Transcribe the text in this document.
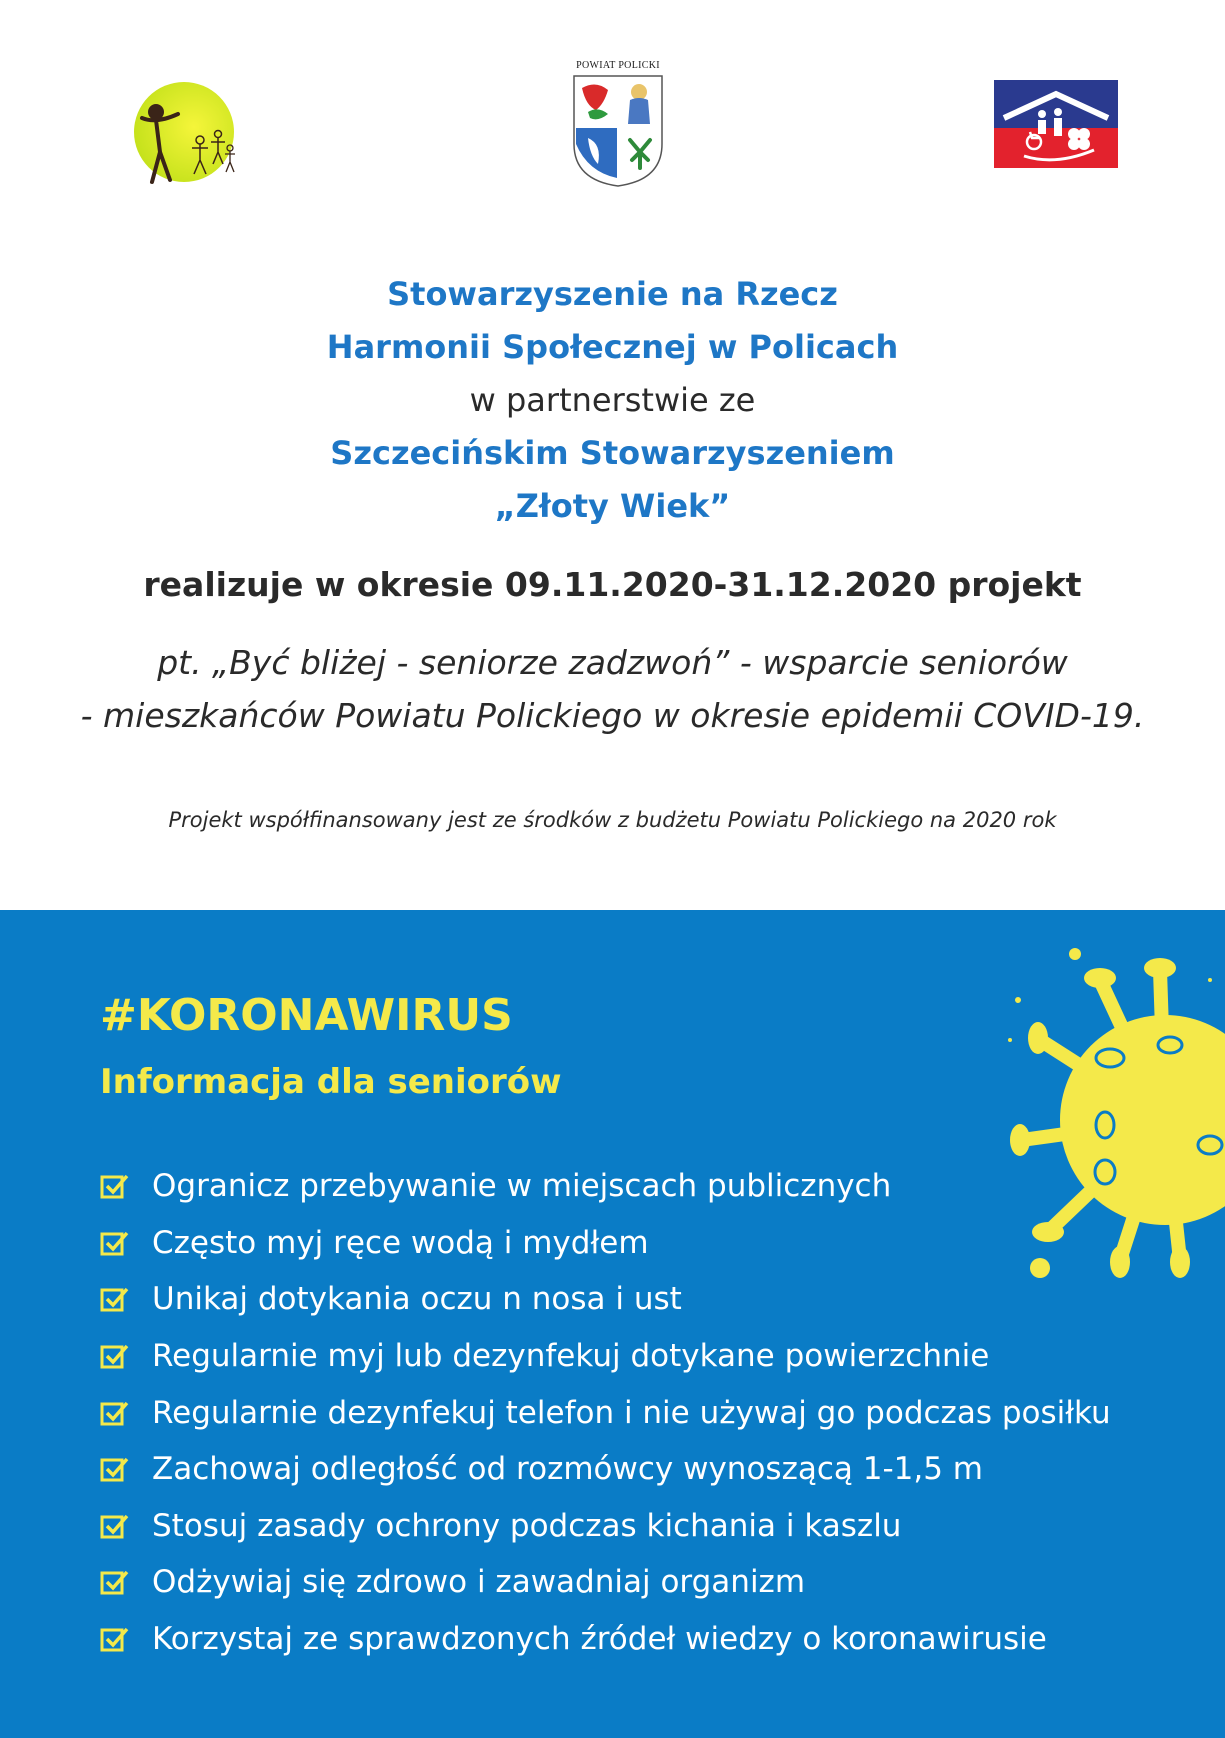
POWIAT POLICKI
Stowarzyszenie na Rzecz
Harmonii Społecznej w Policach
w partnerstwie ze
Szczecińskim Stowarzyszeniem
„Złoty Wiek”
realizuje w okresie 09.11.2020-31.12.2020 projekt
pt. „Być bliżej - seniorze zadzwoń” - wsparcie seniorów
- mieszkańców Powiatu Polickiego w okresie epidemii COVID-19.
Projekt współfinansowany jest ze środków z budżetu Powiatu Polickiego na 2020 rok
#KORONAWIRUS
Informacja dla seniorów
Ogranicz przebywanie w miejscach publicznych
Często myj ręce wodą i mydłem
Unikaj dotykania oczu n nosa i ust
Regularnie myj lub dezynfekuj dotykane powierzchnie
Regularnie dezynfekuj telefon i nie używaj go podczas posiłku
Zachowaj odległość od rozmówcy wynoszącą 1-1,5 m
Stosuj zasady ochrony podczas kichania i kaszlu
Odżywiaj się zdrowo i zawadniaj organizm
Korzystaj ze sprawdzonych źródeł wiedzy o koronawirusie
